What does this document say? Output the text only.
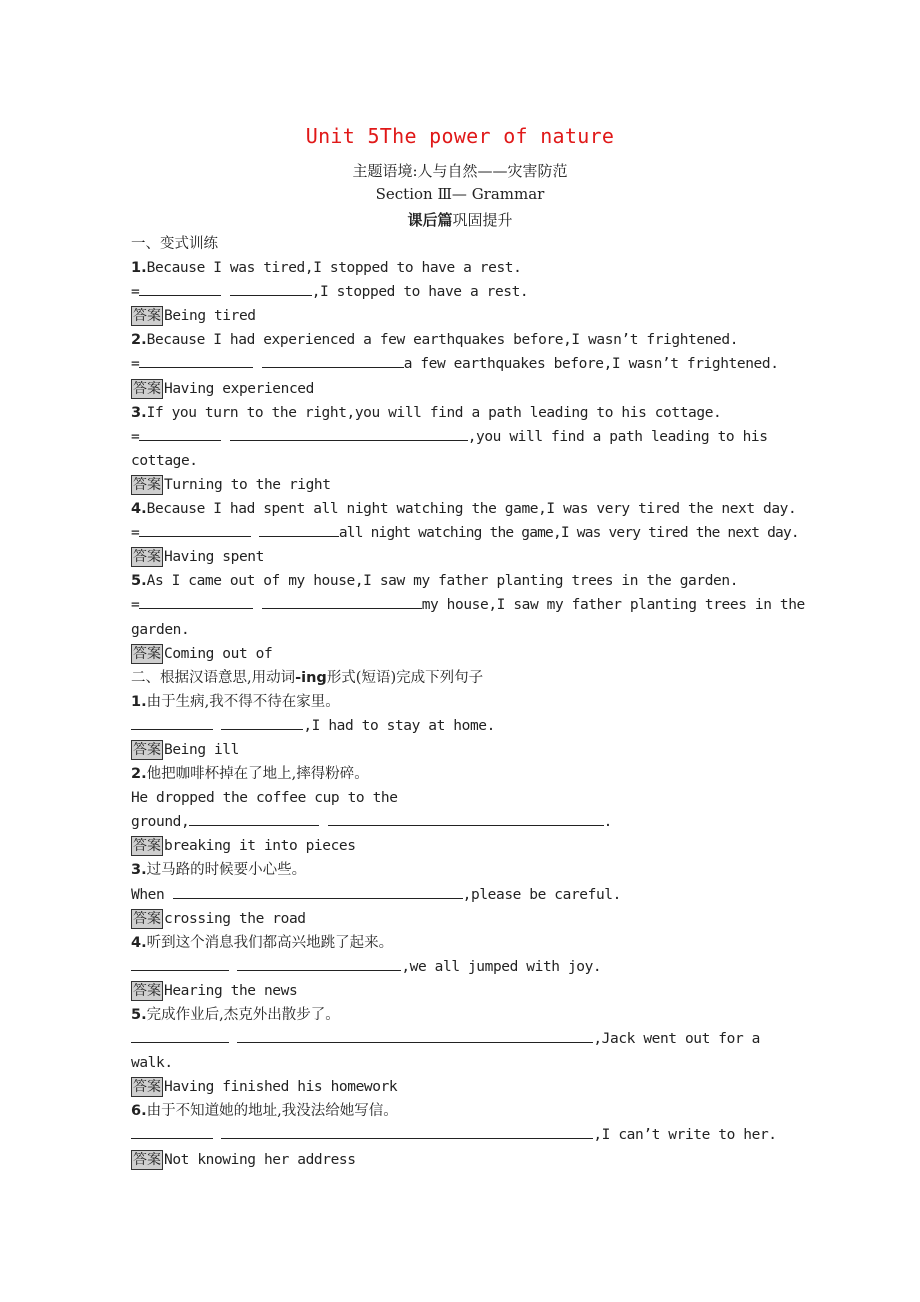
Unit 5The power of nature
主题语境:人与自然——灾害防范
Section Ⅲ— Grammar
课后篇巩固提升
一、变式训练
1.Because I was tired,I stopped to have a rest.
=	,I stopped to have a rest.
答案 Being tired
2.Because I had experienced a few earthquakes before,I wasn’t frightened.
=	a few earthquakes before,I wasn’t frightened.
答案 Having experienced
3.If you turn to the right,you will find a path leading to his cottage.
=	,you will find a path leading to his
cottage.
答案 Turning to the right
4.Because I had spent all night watching the game,I was very tired the next day.
=	all night watching the game,I was very tired the next day.
答案 Having spent
5.As I came out of my house,I saw my father planting trees in the garden.
=	my house,I saw my father planting trees in the
garden.
答案 Coming out of
二、根据汉语意思,用动词-ing形式(短语)完成下列句子
1.由于生病,我不得不待在家里。
,I had to stay at home.
答案 Being ill
2.他把咖啡杯掉在了地上,摔得粉碎。
He dropped the coffee cup to the
ground,	.
答案 breaking it into pieces
3.过马路的时候要小心些。
When	,please be careful.
答案 crossing the road
4.听到这个消息我们都高兴地跳了起来。
,we all jumped with joy.
答案 Hearing the news
5.完成作业后,杰克外出散步了。
,Jack went out for a
walk.
答案 Having finished his homework
6.由于不知道她的地址,我没法给她写信。
,I can’t write to her.
答案 Not knowing her address
